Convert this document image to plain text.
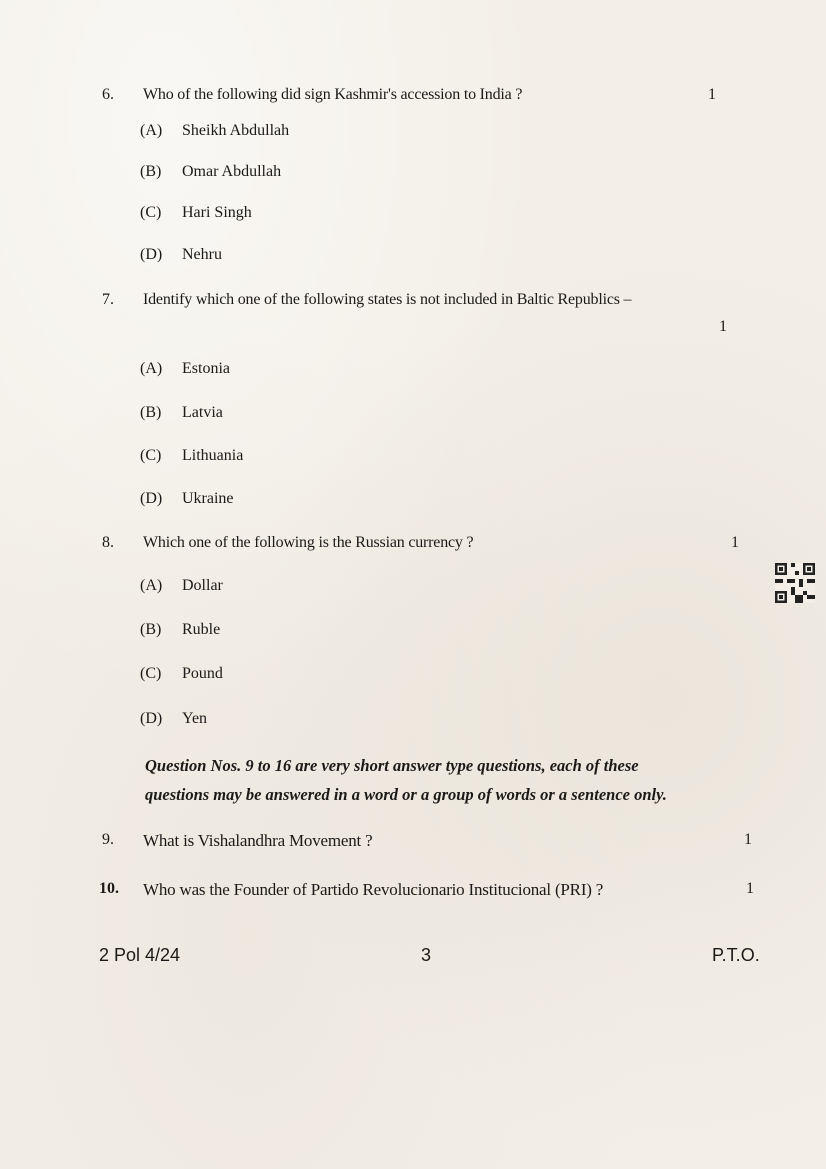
6. Who of the following did sign Kashmir's accession to India ?	1
(A) Sheikh Abdullah
(B) Omar Abdullah
(C) Hari Singh
(D) Nehru
7. Identify which one of the following states is not included in Baltic Republics –
1
(A) Estonia
(B) Latvia
(C) Lithuania
(D) Ukraine
8. Which one of the following is the Russian currency ?	1
(A) Dollar
(B) Ruble
(C) Pound
(D) Yen
Question Nos. 9 to 16 are very short answer type questions, each of these
questions may be answered in a word or a group of words or a sentence only.
9. What is Vishalandhra Movement ?	1
10. Who was the Founder of Partido Revolucionario Institucional (PRI) ?	1
2 Pol 4/24	3	P.T.O.
